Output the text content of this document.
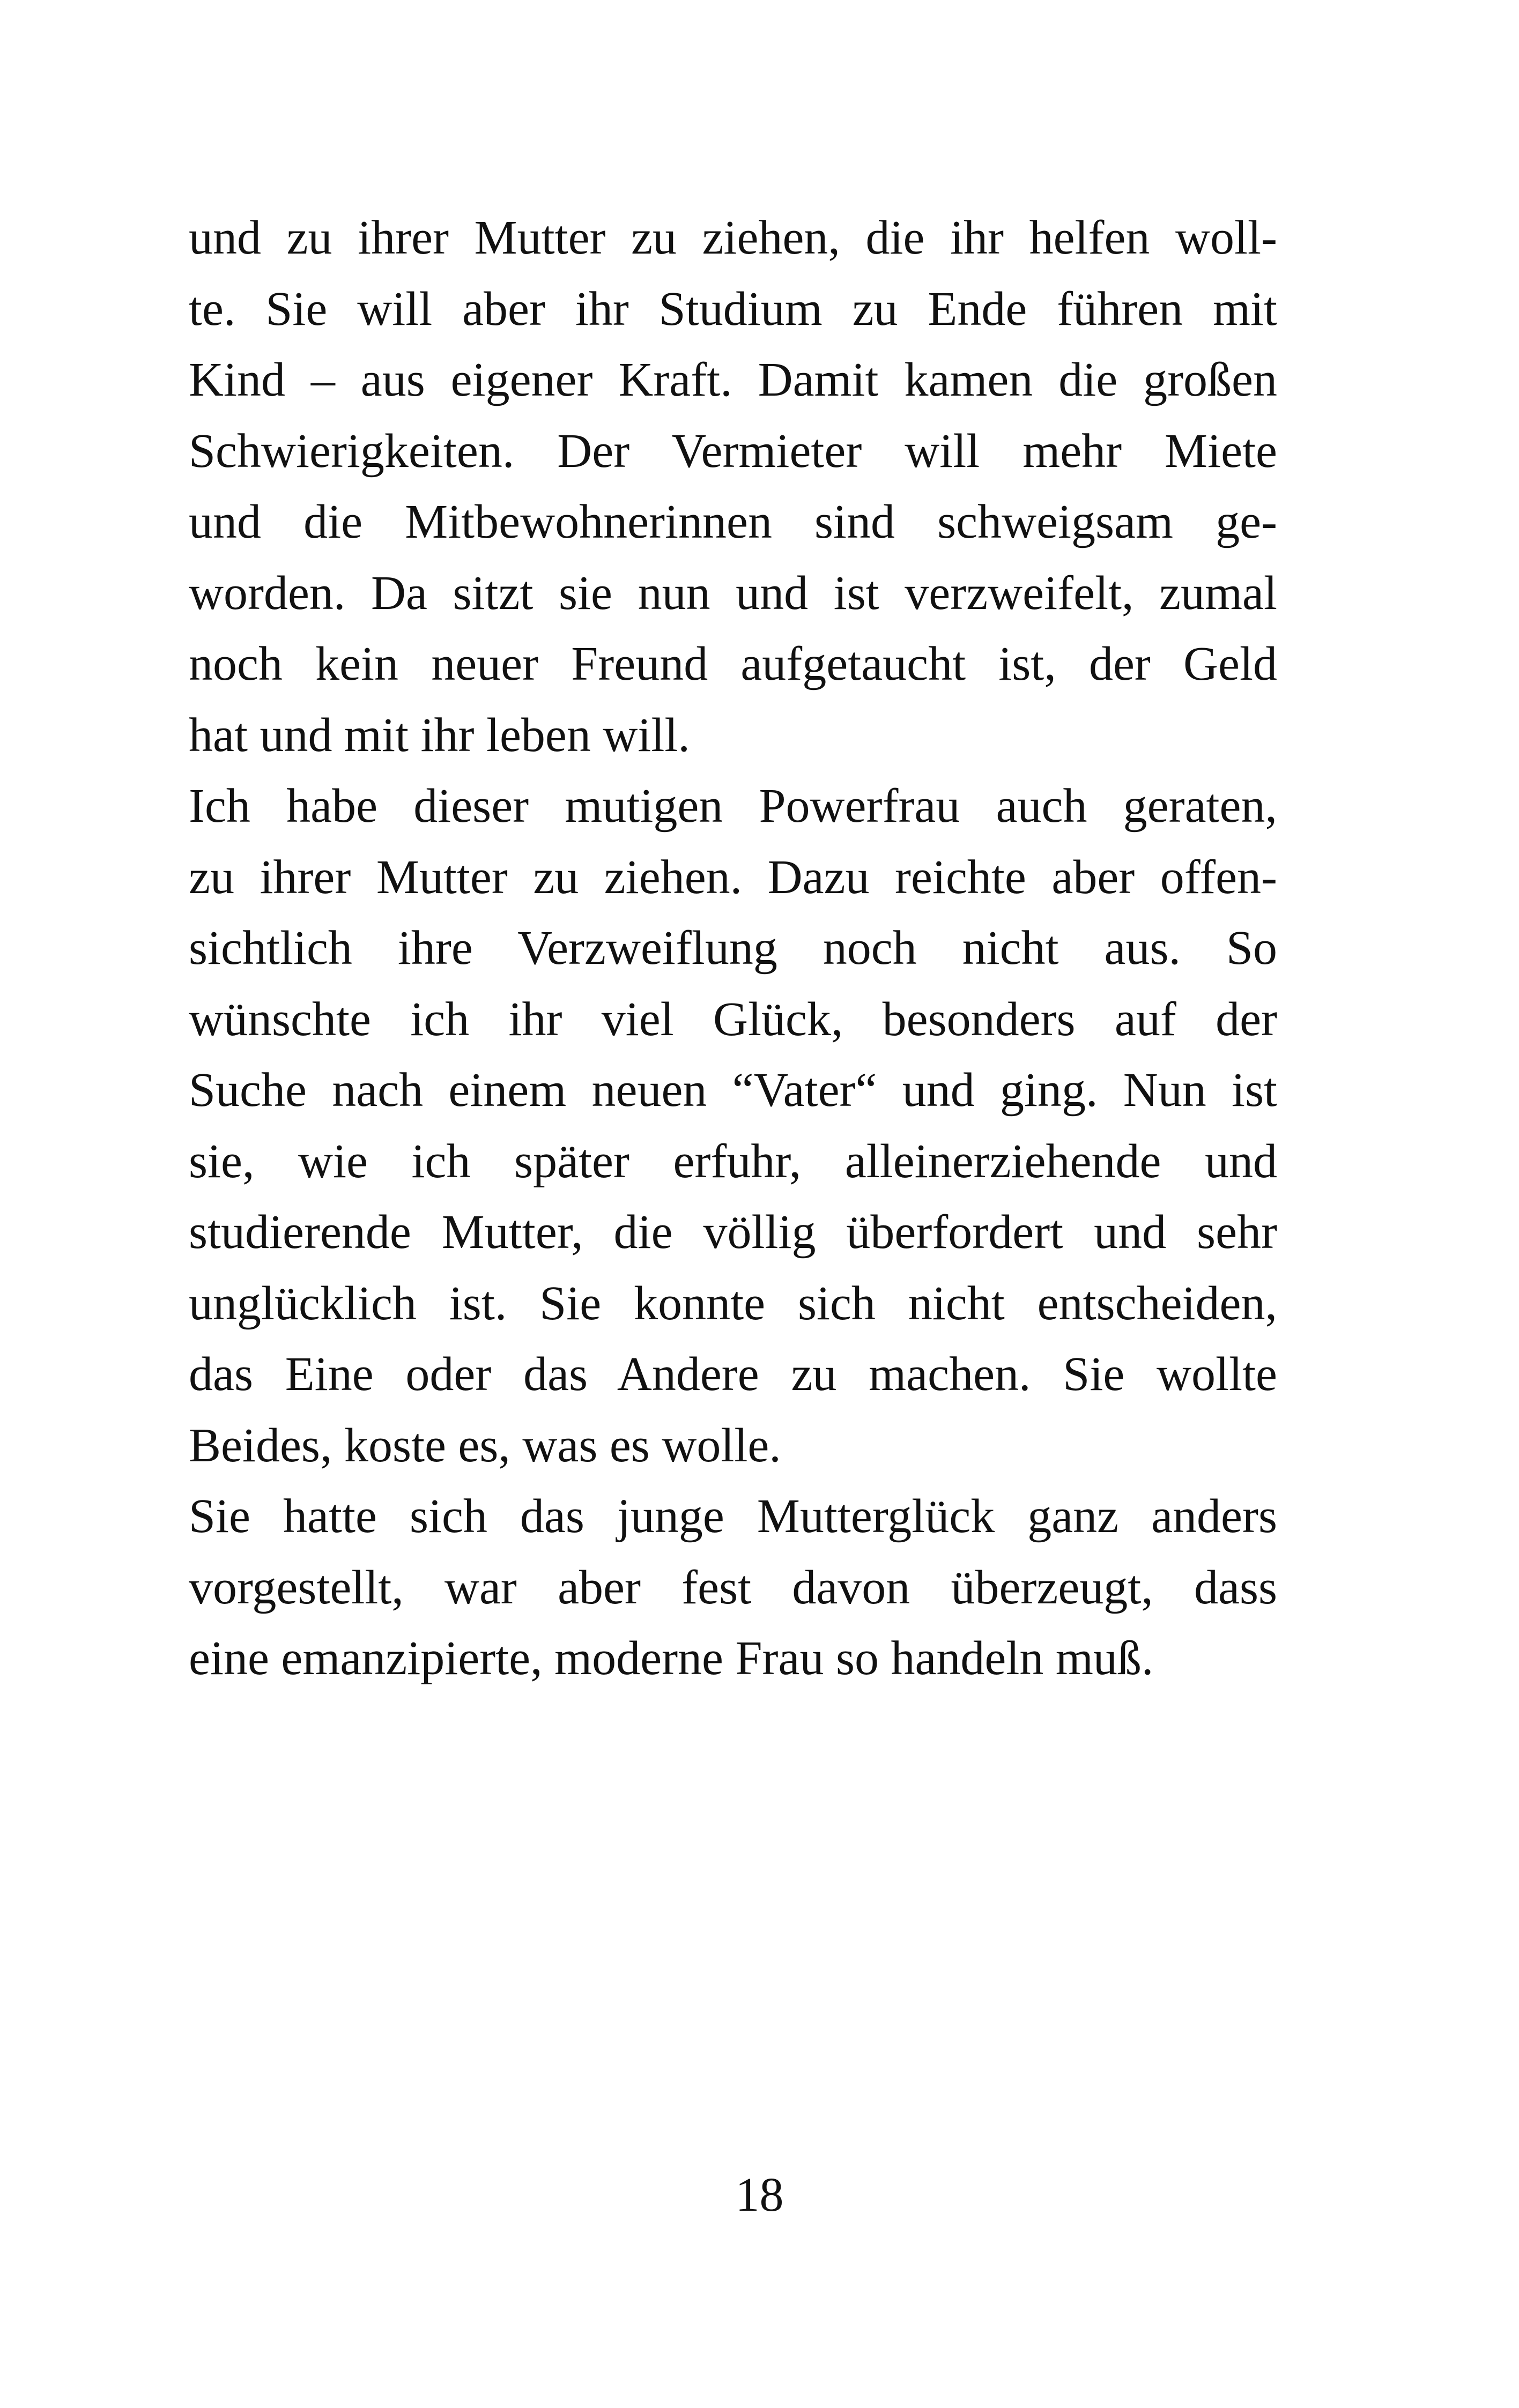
und zu ihrer Mutter zu ziehen, die ihr helfen woll-
te. Sie will aber ihr Studium zu Ende führen mit
Kind – aus eigener Kraft. Damit kamen die großen
Schwierigkeiten. Der Vermieter will mehr Miete
und die Mitbewohnerinnen sind schweigsam ge-
worden. Da sitzt sie nun und ist verzweifelt, zumal
noch kein neuer Freund aufgetaucht ist, der Geld
hat und mit ihr leben will.

Ich habe dieser mutigen Powerfrau auch geraten,
zu ihrer Mutter zu ziehen. Dazu reichte aber offen-
sichtlich ihre Verzweiflung noch nicht aus. So
wünschte ich ihr viel Glück, besonders auf der
Suche nach einem neuen “Vater“ und ging. Nun ist
sie, wie ich später erfuhr, alleinerziehende und
studierende Mutter, die völlig überfordert und sehr
unglücklich ist. Sie konnte sich nicht entscheiden,
das Eine oder das Andere zu machen. Sie wollte
Beides, koste es, was es wolle.

Sie hatte sich das junge Mutterglück ganz anders
vorgestellt, war aber fest davon überzeugt, dass
eine emanzipierte, moderne Frau so handeln muß.

18
